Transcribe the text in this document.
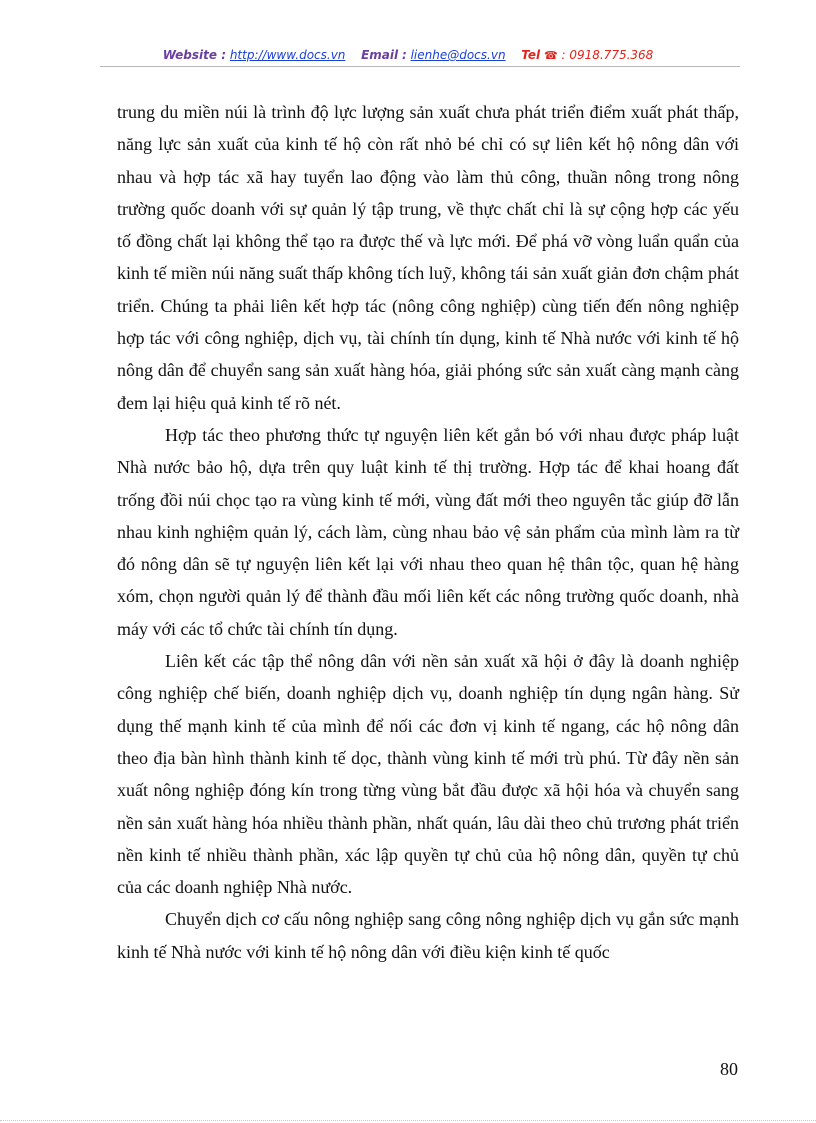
Website : http://www.docs.vn Email : lienhe@docs.vn Tel ☎ : 0918.775.368

trung du miền núi là trình độ lực lượng sản xuất chưa phát triển điểm xuất phát thấp, năng lực sản xuất của kinh tế hộ còn rất nhỏ bé chỉ có sự liên kết hộ nông dân với nhau và hợp tác xã hay tuyển lao động vào làm thủ công, thuần nông trong nông trường quốc doanh với sự quản lý tập trung, về thực chất chỉ là sự cộng hợp các yếu tố đồng chất lại không thể tạo ra được thế và lực mới. Để phá vỡ vòng luẩn quẩn của kinh tế miền núi năng suất thấp không tích luỹ, không tái sản xuất giản đơn chậm phát triển. Chúng ta phải liên kết hợp tác (nông công nghiệp) cùng tiến đến nông nghiệp hợp tác với công nghiệp, dịch vụ, tài chính tín dụng, kinh tế Nhà nước với kinh tế hộ nông dân để chuyển sang sản xuất hàng hóa, giải phóng sức sản xuất càng mạnh càng đem lại hiệu quả kinh tế rõ nét.

Hợp tác theo phương thức tự nguyện liên kết gắn bó với nhau được pháp luật Nhà nước bảo hộ, dựa trên quy luật kinh tế thị trường. Hợp tác để khai hoang đất trống đồi núi chọc tạo ra vùng kinh tế mới, vùng đất mới theo nguyên tắc giúp đỡ lẫn nhau kinh nghiệm quản lý, cách làm, cùng nhau bảo vệ sản phẩm của mình làm ra từ đó nông dân sẽ tự nguyện liên kết lại với nhau theo quan hệ thân tộc, quan hệ hàng xóm, chọn người quản lý để thành đầu mối liên kết các nông trường quốc doanh, nhà máy với các tổ chức tài chính tín dụng.

Liên kết các tập thể nông dân với nền sản xuất xã hội ở đây là doanh nghiệp công nghiệp chế biến, doanh nghiệp dịch vụ, doanh nghiệp tín dụng ngân hàng. Sử dụng thế mạnh kinh tế của mình để nối các đơn vị kinh tế ngang, các hộ nông dân theo địa bàn hình thành kinh tế dọc, thành vùng kinh tế mới trù phú. Từ đây nền sản xuất nông nghiệp đóng kín trong từng vùng bắt đầu được xã hội hóa và chuyển sang nền sản xuất hàng hóa nhiều thành phần, nhất quán, lâu dài theo chủ trương phát triển nền kinh tế nhiều thành phần, xác lập quyền tự chủ của hộ nông dân, quyền tự chủ của các doanh nghiệp Nhà nước.

Chuyển dịch cơ cấu nông nghiệp sang công nông nghiệp dịch vụ gắn sức mạnh kinh tế Nhà nước với kinh tế hộ nông dân với điều kiện kinh tế quốc

80
